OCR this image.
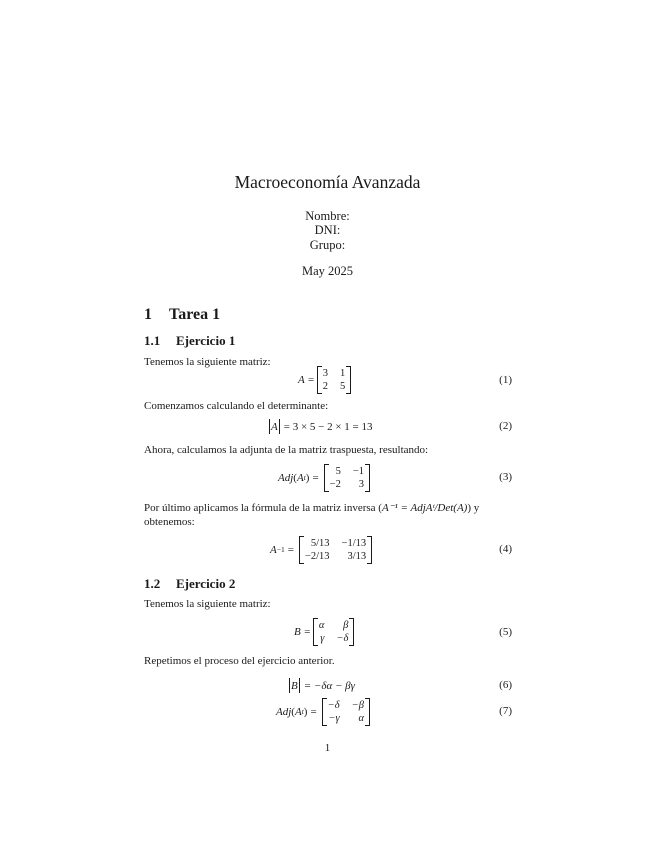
Macroeconomía Avanzada
Nombre:
DNI:
Grupo:
May 2025
1 Tarea 1
1.1 Ejercicio 1
Tenemos la siguiente matriz:
A =
3 1
2 5
(1)
Comenzamos calculando el determinante:
A = 3 × 5 − 2 × 1 = 13	(2)
Ahora, calculamos la adjunta de la matriz traspuesta, resultando:
Adj ( A t ) =
5 −1
−2	3
(3)
Por último aplicamos la fórmula de la matriz inversa (A⁻¹ = AdjAᵗ/Det(A)) y
obtenemos:
A −1 =
5/13 −1/13
−2/13	3/13
(4)
1.2 Ejercicio 2
Tenemos la siguiente matriz:
B =
α	β
γ −δ
(5)
Repetimos el proceso del ejercicio anterior.
B = −δα − βγ	(6)
Adj ( A t ) =
−δ −β
−γ	α
(7)
1
